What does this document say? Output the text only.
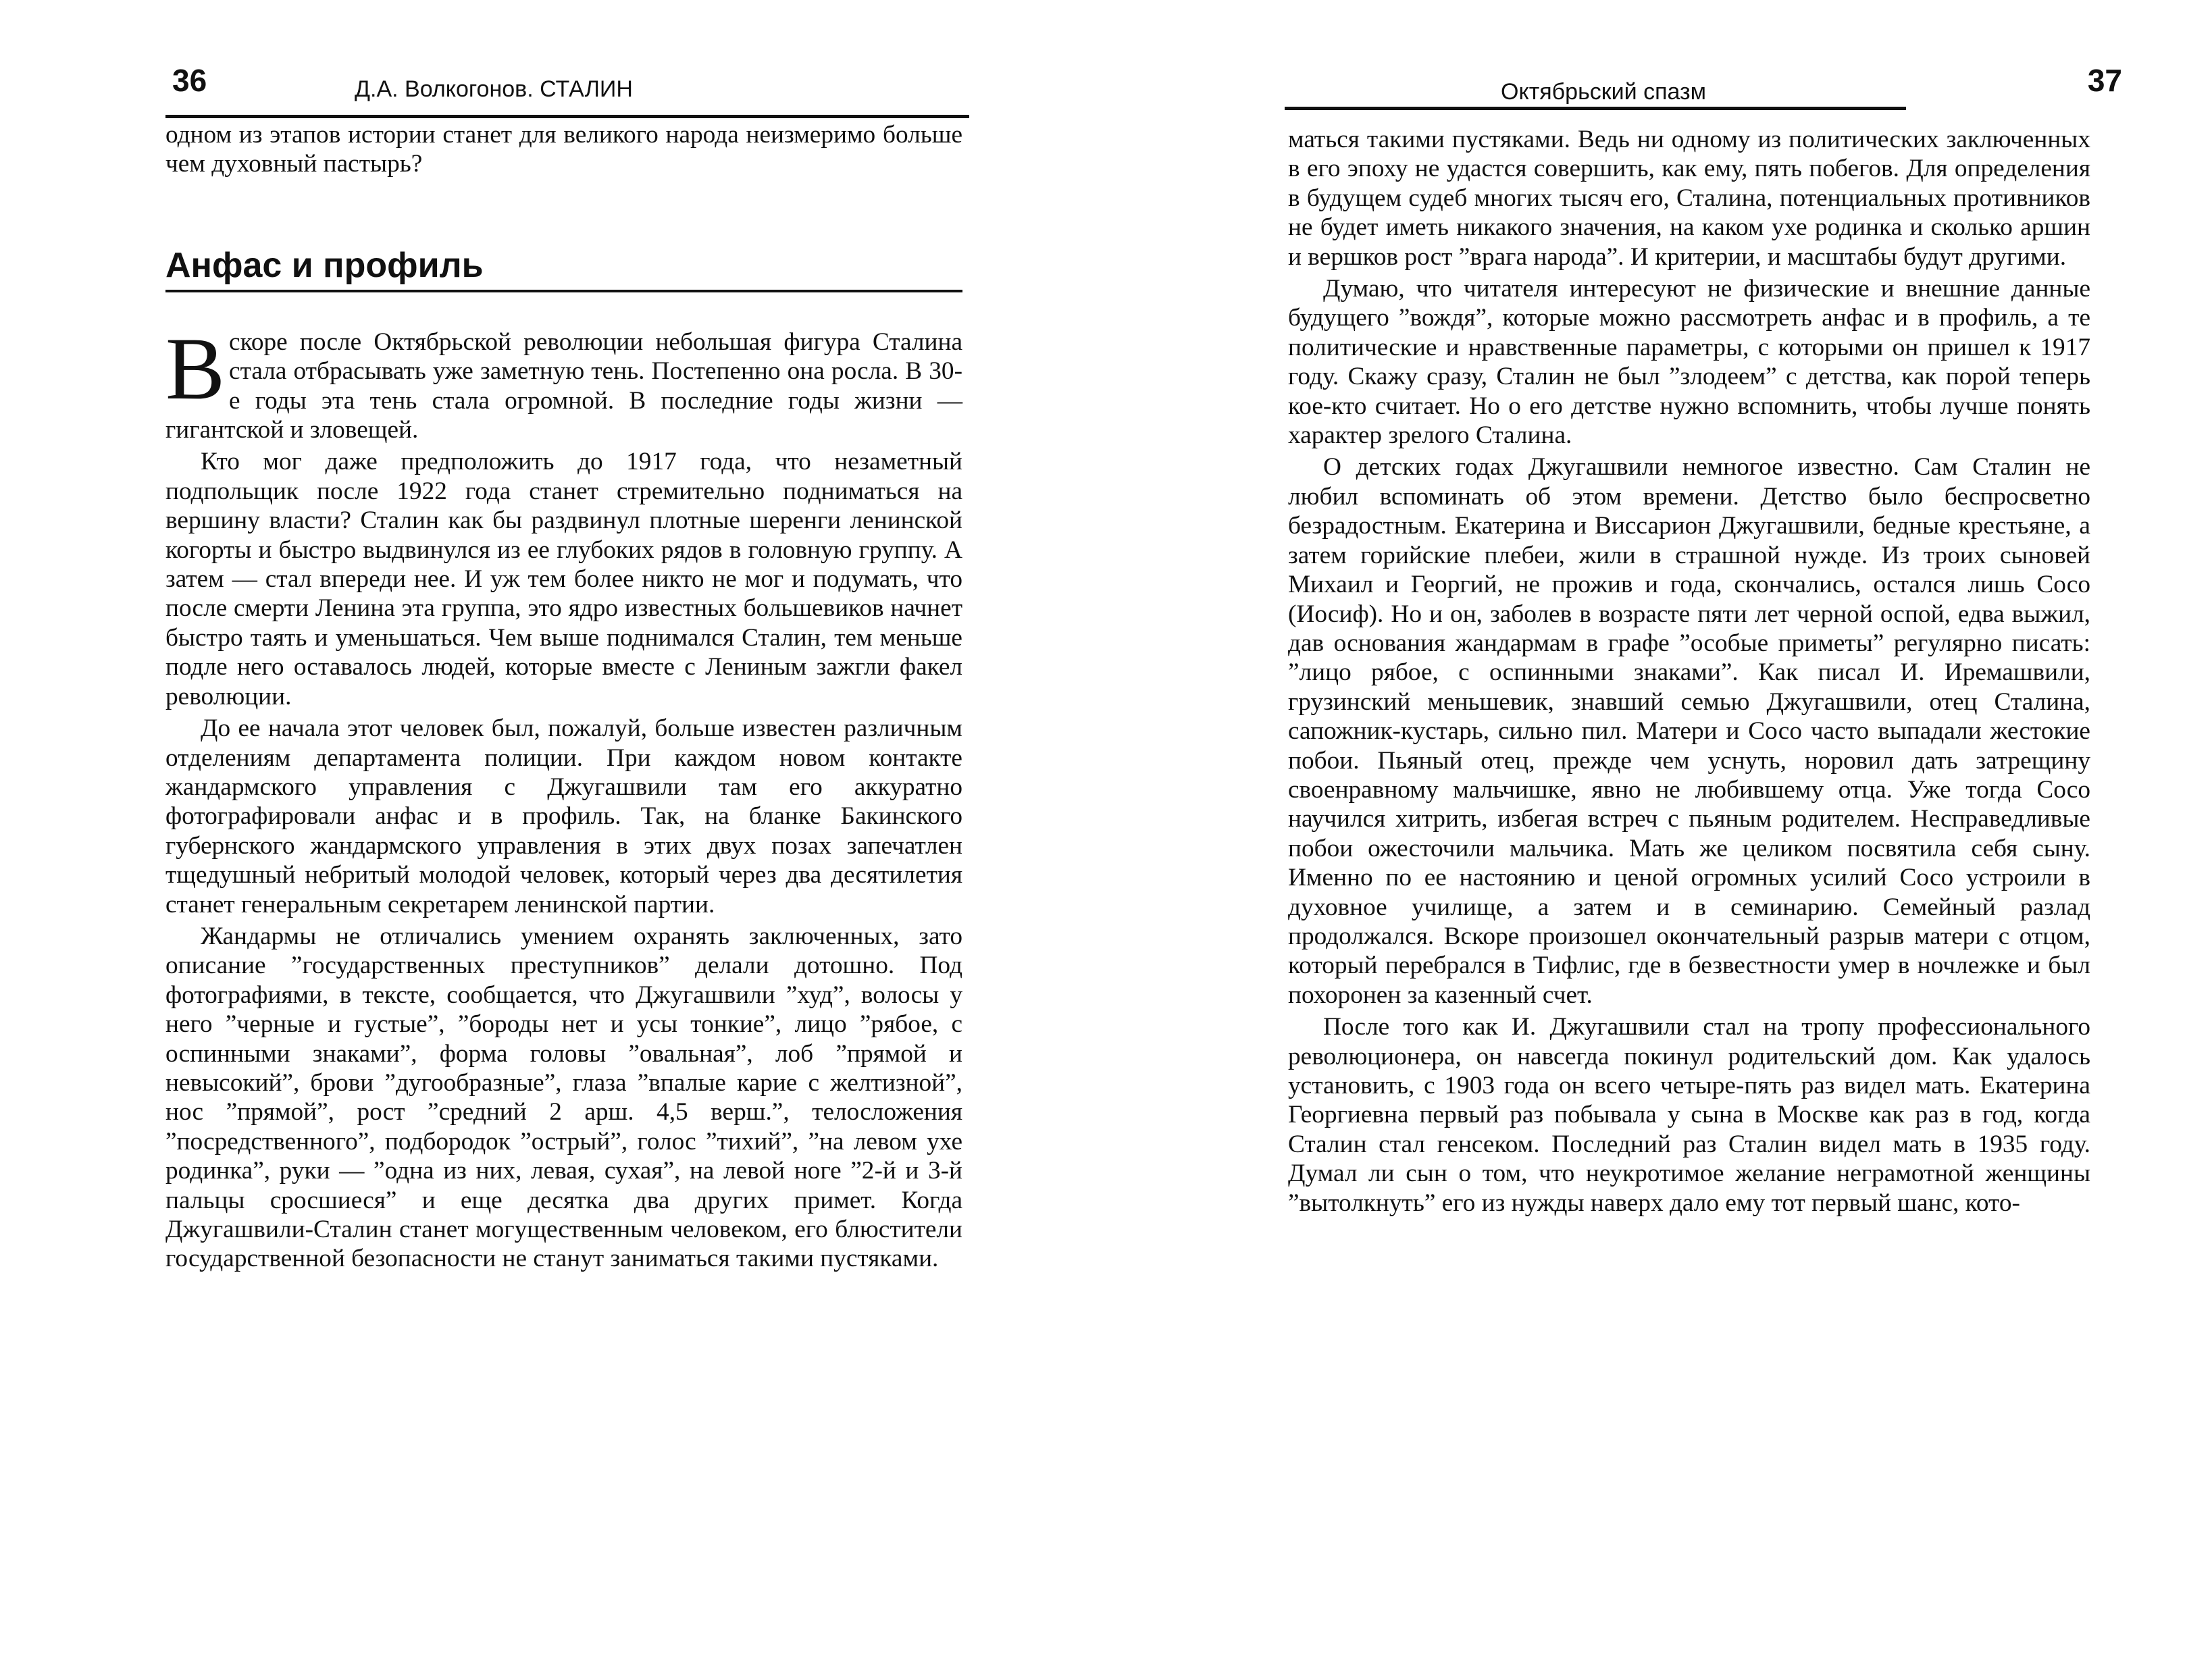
36	Д.А. Волкогонов. СТАЛИН

одном из этапов истории станет для великого народа неизмеримо больше чем духовный пастырь?

Анфас и профиль

Вскоре после Октябрьской революции небольшая фигура Сталина стала отбрасывать уже заметную тень. Постепенно она росла. В 30-е годы эта тень стала огромной. В последние годы жизни — гигантской и зловещей.

Кто мог даже предположить до 1917 года, что незаметный подпольщик после 1922 года станет стремительно подниматься на вершину власти? Сталин как бы раздвинул плотные шеренги ленинской когорты и быстро выдвинулся из ее глубоких рядов в головную группу. А затем — стал впереди нее. И уж тем более никто не мог и подумать, что после смерти Ленина эта группа, это ядро известных большевиков начнет быстро таять и уменьшаться. Чем выше поднимался Сталин, тем меньше подле него оставалось людей, которые вместе с Лениным зажгли факел революции.

До ее начала этот человек был, пожалуй, больше известен различным отделениям департамента полиции. При каждом новом контакте жандармского управления с Джугашвили там его аккуратно фотографировали анфас и в профиль. Так, на бланке Бакинского губернского жандармского управления в этих двух позах запечатлен тщедушный небритый молодой человек, который через два десятилетия станет генеральным секретарем ленинской партии.

Жандармы не отличались умением охранять заключенных, зато описание ”государственных преступников” делали дотошно. Под фотографиями, в тексте, сообщается, что Джугашвили ”худ”, волосы у него ”черные и густые”, ”бороды нет и усы тонкие”, лицо ”рябое, с оспинными знаками”, форма головы ”овальная”, лоб ”прямой и невысокий”, брови ”дугообразные”, глаза ”впалые карие с желтизной”, нос ”прямой”, рост ”средний 2 арш. 4,5 верш.”, телосложения ”посредственного”, подбородок ”острый”, голос ”тихий”, ”на левом ухе родинка”, руки — ”одна из них, левая, сухая”, на левой ноге ”2-й и 3-й пальцы сросшиеся” и еще десятка два других примет. Когда Джугашвили-Сталин станет могущественным человеком, его блюстители государственной безопасности не станут заниматься такими пустяками.

Октябрьский спазм	37

маться такими пустяками. Ведь ни одному из политических заключенных в его эпоху не удастся совершить, как ему, пять побегов. Для определения в будущем судеб многих тысяч его, Сталина, потенциальных противников не будет иметь никакого значения, на каком ухе родинка и сколько аршин и вершков рост ”врага народа”. И критерии, и масштабы будут другими.

Думаю, что читателя интересуют не физические и внешние данные будущего ”вождя”, которые можно рассмотреть анфас и в профиль, а те политические и нравственные параметры, с которыми он пришел к 1917 году. Скажу сразу, Сталин не был ”злодеем” с детства, как порой теперь кое-кто считает. Но о его детстве нужно вспомнить, чтобы лучше понять характер зрелого Сталина.

О детских годах Джугашвили немногое известно. Сам Сталин не любил вспоминать об этом времени. Детство было беспросветно безрадостным. Екатерина и Виссарион Джугашвили, бедные крестьяне, а затем горийские плебеи, жили в страшной нужде. Из троих сыновей Михаил и Георгий, не прожив и года, скончались, остался лишь Сосо (Иосиф). Но и он, заболев в возрасте пяти лет черной оспой, едва выжил, дав основания жандармам в графе ”особые приметы” регулярно писать: ”лицо рябое, с оспинными знаками”. Как писал И. Иремашвили, грузинский меньшевик, знавший семью Джугашвили, отец Сталина, сапожник-кустарь, сильно пил. Матери и Сосо часто выпадали жестокие побои. Пьяный отец, прежде чем уснуть, норовил дать затрещину своенравному мальчишке, явно не любившему отца. Уже тогда Сосо научился хитрить, избегая встреч с пьяным родителем. Несправедливые побои ожесточили мальчика. Мать же целиком посвятила себя сыну. Именно по ее настоянию и ценой огромных усилий Сосо устроили в духовное училище, а затем и в семинарию. Семейный разлад продолжался. Вскоре произошел окончательный разрыв матери с отцом, который перебрался в Тифлис, где в безвестности умер в ночлежке и был похоронен за казенный счет.

После того как И. Джугашвили стал на тропу профессионального революционера, он навсегда покинул родительский дом. Как удалось установить, с 1903 года он всего четыре-пять раз видел мать. Екатерина Георгиевна первый раз побывала у сына в Москве как раз в год, когда Сталин стал генсеком. Последний раз Сталин видел мать в 1935 году. Думал ли сын о том, что неукротимое желание неграмотной женщины ”вытолкнуть” его из нужды наверх дало ему тот первый шанс, кото-
